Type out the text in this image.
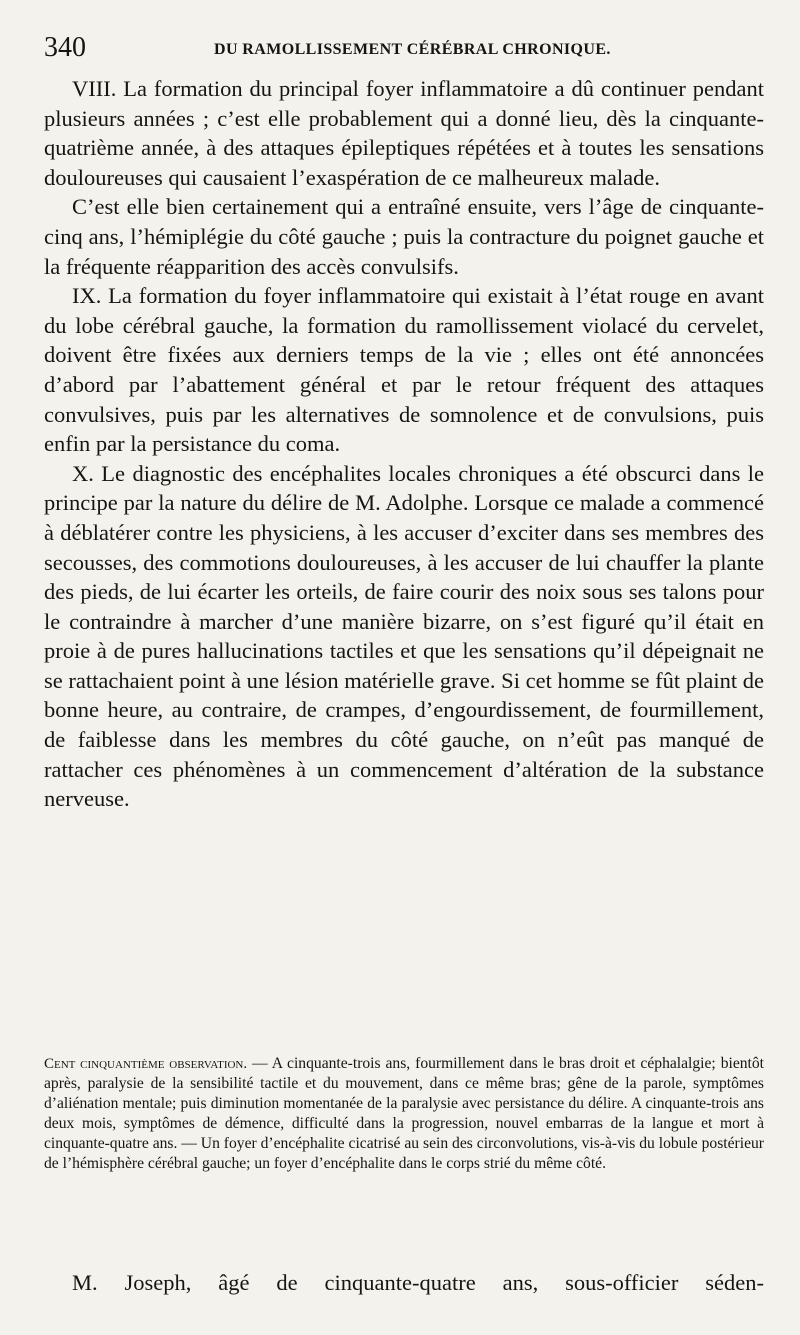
340	DU RAMOLLISSEMENT CÉRÉBRAL CHRONIQUE.

VIII. La formation du principal foyer inflammatoire a dû continuer pendant plusieurs années ; c’est elle probablement qui a donné lieu, dès la cinquante-quatrième année, à des attaques épileptiques répétées et à toutes les sensations douloureuses qui causaient l’exaspération de ce malheureux malade.

C’est elle bien certainement qui a entraîné ensuite, vers l’âge de cinquante-cinq ans, l’hémiplégie du côté gauche ; puis la contracture du poignet gauche et la fréquente réapparition des accès convulsifs.

IX. La formation du foyer inflammatoire qui existait à l’état rouge en avant du lobe cérébral gauche, la formation du ramollissement violacé du cervelet, doivent être fixées aux derniers temps de la vie ; elles ont été annoncées d’abord par l’abattement général et par le retour fréquent des attaques convulsives, puis par les alternatives de somnolence et de convulsions, puis enfin par la persistance du coma.

X. Le diagnostic des encéphalites locales chroniques a été obscurci dans le principe par la nature du délire de M. Adolphe. Lorsque ce malade a commencé à déblatérer contre les physiciens, à les accuser d’exciter dans ses membres des secousses, des commotions douloureuses, à les accuser de lui chauffer la plante des pieds, de lui écarter les orteils, de faire courir des noix sous ses talons pour le contraindre à marcher d’une manière bizarre, on s’est figuré qu’il était en proie à de pures hallucinations tactiles et que les sensations qu’il dépeignait ne se rattachaient point à une lésion matérielle grave. Si cet homme se fût plaint de bonne heure, au contraire, de crampes, d’engourdissement, de fourmillement, de faiblesse dans les membres du côté gauche, on n’eût pas manqué de rattacher ces phénomènes à un commencement d’altération de la substance nerveuse.

Cent cinquantième observation. — A cinquante-trois ans, fourmillement dans le bras droit et céphalalgie; bientôt après, paralysie de la sensibilité tactile et du mouvement, dans ce même bras; gêne de la parole, symptômes d’aliénation mentale; puis diminution momentanée de la paralysie avec persistance du délire. A cinquante-trois ans deux mois, symptômes de démence, difficulté dans la progression, nouvel embarras de la langue et mort à cinquante-quatre ans. — Un foyer d’encéphalite cicatrisé au sein des circonvolutions, vis-à-vis du lobule postérieur de l’hémisphère cérébral gauche; un foyer d’encéphalite dans le corps strié du même côté.

M. Joseph, âgé de cinquante-quatre ans, sous-officier séden-
